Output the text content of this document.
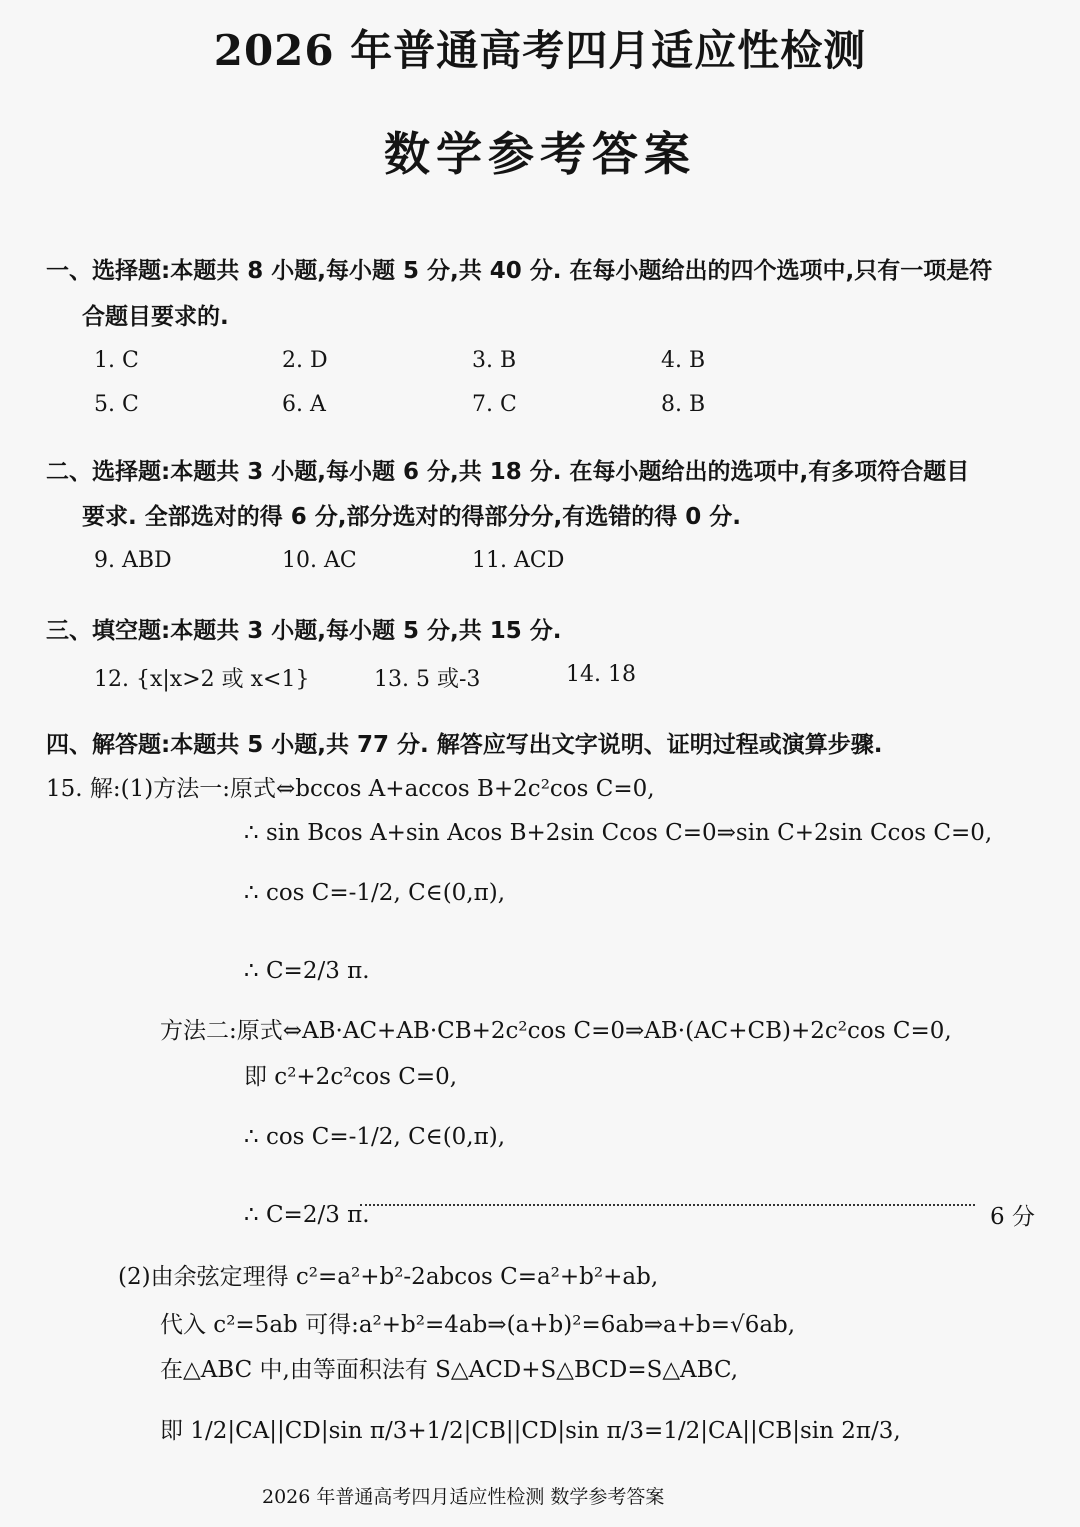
2026 年普通高考四月适应性检测
数学参考答案
一、选择题:本题共 8 小题,每小题 5 分,共 40 分. 在每小题给出的四个选项中,只有一项是符
合题目要求的.
1. C	2. D	3. B	4. B
5. C	6. A	7. C	8. B
二、选择题:本题共 3 小题,每小题 6 分,共 18 分. 在每小题给出的选项中,有多项符合题目
要求. 全部选对的得 6 分,部分选对的得部分分,有选错的得 0 分.
9. ABD	10. AC	11. ACD
三、填空题:本题共 3 小题,每小题 5 分,共 15 分.
12. {x|x>2 或 x<1}	13. 5 或-3	14. 18
四、解答题:本题共 5 小题,共 77 分. 解答应写出文字说明、证明过程或演算步骤.
15. 解:(1)方法一:原式⇔bccos A+accos B+2c²cos C=0,
∴ sin Bcos A+sin Acos B+2sin Ccos C=0⇒sin C+2sin Ccos C=0,
∴ cos C=-1/2, C∈(0,π),
∴ C=2/3 π.
方法二:原式⇔AB·AC+AB·CB+2c²cos C=0⇒AB·(AC+CB)+2c²cos C=0,
即 c²+2c²cos C=0,
∴ cos C=-1/2, C∈(0,π),
∴ C=2/3 π.	6 分
(2)由余弦定理得 c²=a²+b²-2abcos C=a²+b²+ab,
代入 c²=5ab 可得:a²+b²=4ab⇒(a+b)²=6ab⇒a+b=√6ab,
在△ABC 中,由等面积法有 S△ACD+S△BCD=S△ABC,
即 1/2|CA||CD|sin π/3+1/2|CB||CD|sin π/3=1/2|CA||CB|sin 2π/3,
2026 年普通高考四月适应性检测 数学参考答案
